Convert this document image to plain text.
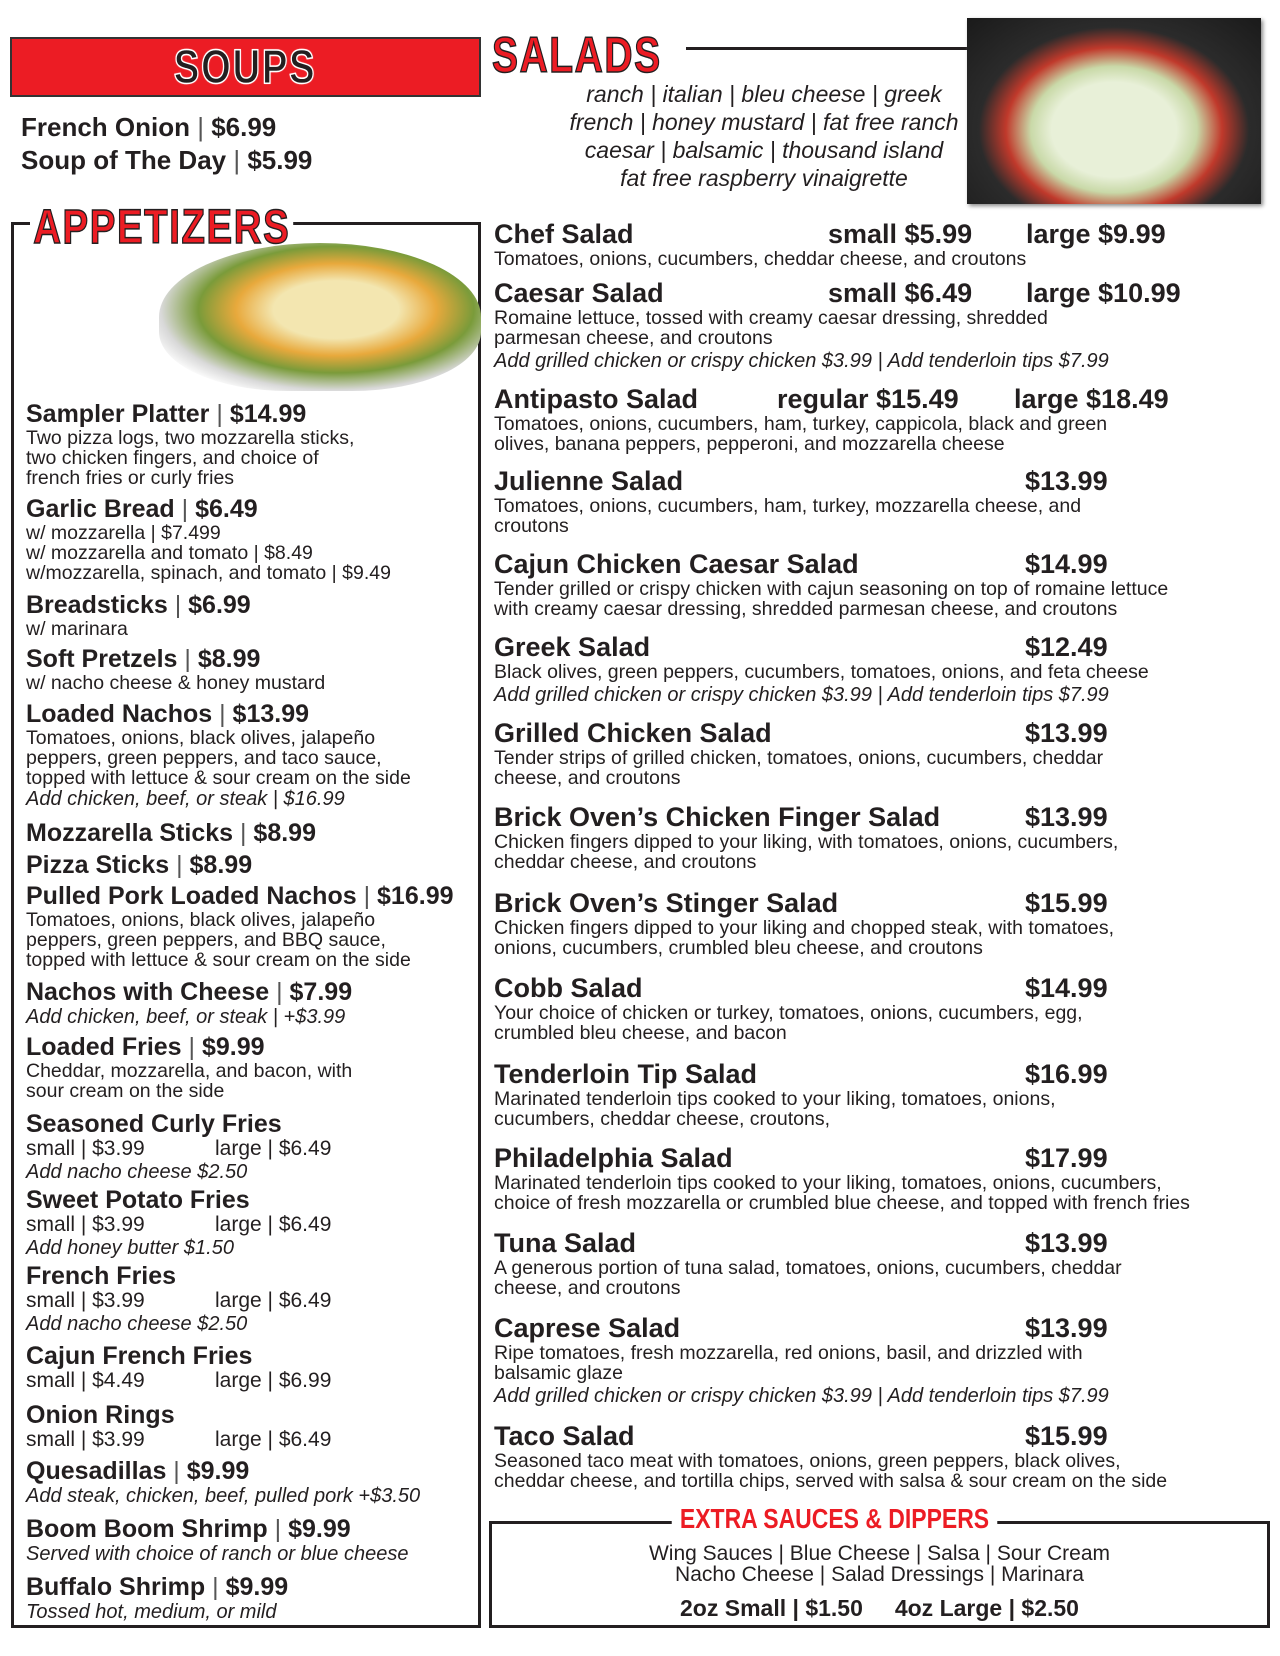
SOUPS
French Onion | $6.99
Soup of The Day | $5.99
SALADS
ranch | italian | bleu cheese | greek
french | honey mustard | fat free ranch
caesar | balsamic | thousand island
fat free raspberry vinaigrette
APPETIZERS
Sampler Platter | $14.99
Two pizza logs, two mozzarella sticks,
two chicken fingers, and choice of
french fries or curly fries
Garlic Bread | $6.49
w/ mozzarella | $7.499
w/ mozzarella and tomato | $8.49
w/mozzarella, spinach, and tomato | $9.49
Breadsticks | $6.99
w/ marinara
Soft Pretzels | $8.99
w/ nacho cheese & honey mustard
Loaded Nachos | $13.99
Tomatoes, onions, black olives, jalapeño
peppers, green peppers, and taco sauce,
topped with lettuce & sour cream on the side
Add chicken, beef, or steak | $16.99
Mozzarella Sticks | $8.99
Pizza Sticks | $8.99
Pulled Pork Loaded Nachos | $16.99
Tomatoes, onions, black olives, jalapeño
peppers, green peppers, and BBQ sauce,
topped with lettuce & sour cream on the side
Nachos with Cheese | $7.99
Add chicken, beef, or steak | +$3.99
Loaded Fries | $9.99
Cheddar, mozzarella, and bacon, with
sour cream on the side
Seasoned Curly Fries
small | $3.99	large | $6.49
Add nacho cheese $2.50
Sweet Potato Fries
small | $3.99	large | $6.49
Add honey butter $1.50
French Fries
small | $3.99	large | $6.49
Add nacho cheese $2.50
Cajun French Fries
small | $4.49	large | $6.99
Onion Rings
small | $3.99	large | $6.49
Quesadillas | $9.99
Add steak, chicken, beef, pulled pork +$3.50
Boom Boom Shrimp | $9.99
Served with choice of ranch or blue cheese
Buffalo Shrimp | $9.99
Tossed hot, medium, or mild
Chef Salad	small $5.99 large $9.99
Tomatoes, onions, cucumbers, cheddar cheese, and croutons
Caesar Salad	small $6.49 large $10.99
Romaine lettuce, tossed with creamy caesar dressing, shredded
parmesan cheese, and croutons
Add grilled chicken or crispy chicken $3.99 | Add tenderloin tips $7.99
Antipasto Salad	regular $15.49 large $18.49
Tomatoes, onions, cucumbers, ham, turkey, cappicola, black and green
olives, banana peppers, pepperoni, and mozzarella cheese
Julienne Salad	$13.99
Tomatoes, onions, cucumbers, ham, turkey, mozzarella cheese, and
croutons
Cajun Chicken Caesar Salad	$14.99
Tender grilled or crispy chicken with cajun seasoning on top of romaine lettuce
with creamy caesar dressing, shredded parmesan cheese, and croutons
Greek Salad	$12.49
Black olives, green peppers, cucumbers, tomatoes, onions, and feta cheese
Add grilled chicken or crispy chicken $3.99 | Add tenderloin tips $7.99
Grilled Chicken Salad	$13.99
Tender strips of grilled chicken, tomatoes, onions, cucumbers, cheddar
cheese, and croutons
Brick Oven’s Chicken Finger Salad	$13.99
Chicken fingers dipped to your liking, with tomatoes, onions, cucumbers,
cheddar cheese, and croutons
Brick Oven’s Stinger Salad	$15.99
Chicken fingers dipped to your liking and chopped steak, with tomatoes,
onions, cucumbers, crumbled bleu cheese, and croutons
Cobb Salad	$14.99
Your choice of chicken or turkey, tomatoes, onions, cucumbers, egg,
crumbled bleu cheese, and bacon
Tenderloin Tip Salad	$16.99
Marinated tenderloin tips cooked to your liking, tomatoes, onions,
cucumbers, cheddar cheese, croutons,
Philadelphia Salad	$17.99
Marinated tenderloin tips cooked to your liking, tomatoes, onions, cucumbers,
choice of fresh mozzarella or crumbled blue cheese, and topped with french fries
Tuna Salad	$13.99
A generous portion of tuna salad, tomatoes, onions, cucumbers, cheddar
cheese, and croutons
Caprese Salad	$13.99
Ripe tomatoes, fresh mozzarella, red onions, basil, and drizzled with
balsamic glaze
Add grilled chicken or crispy chicken $3.99 | Add tenderloin tips $7.99
Taco Salad	$15.99
Seasoned taco meat with tomatoes, onions, green peppers, black olives,
cheddar cheese, and tortilla chips, served with salsa & sour cream on the side
EXTRA SAUCES & DIPPERS
Wing Sauces | Blue Cheese | Salsa | Sour Cream
Nacho Cheese | Salad Dressings | Marinara
2oz Small | $1.50 4oz Large | $2.50
